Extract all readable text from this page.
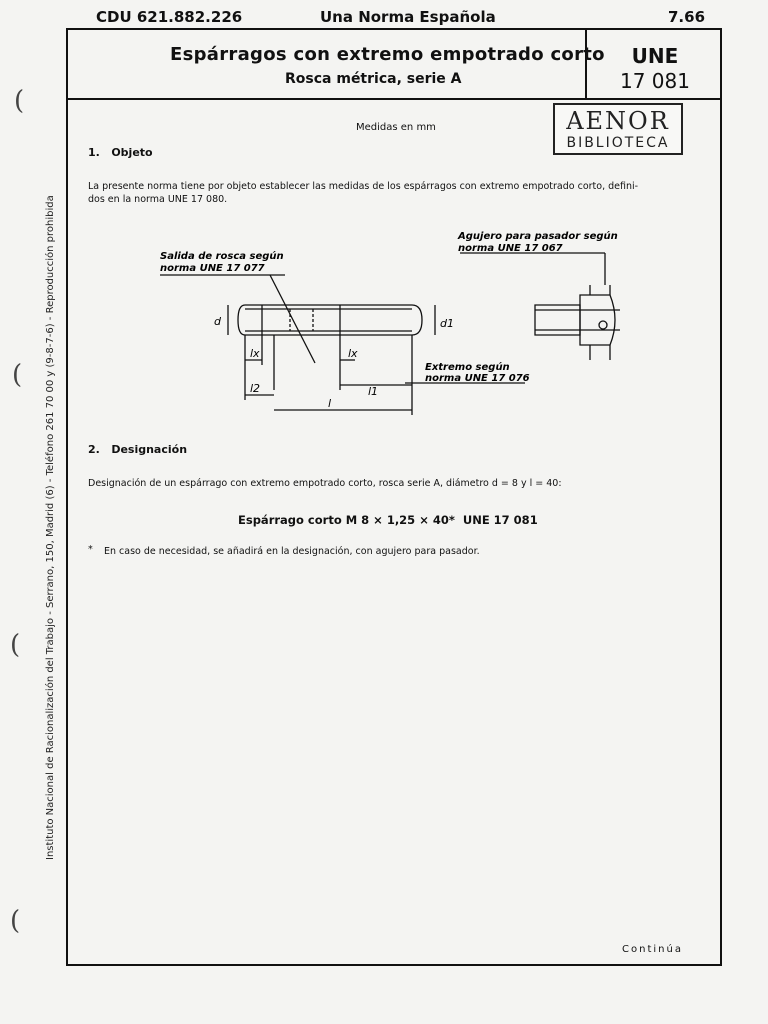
CDU 621.882.226	Una Norma Española	7.66
(
(
(
(
Instituto Nacional de Racionalización del Trabajo - Serrano, 150, Madrid (6) - Teléfono 261 70 00 y (9-8-7-6) - Reproducción prohibida
Espárragos con extremo empotrado corto
Rosca métrica, serie A
UNE
17 081
AENOR
BIBLIOTECA
Medidas en mm
1.   Objeto
La presente norma tiene por objeto establecer las medidas de los espárragos con extremo empotrado corto, defini-
dos en la norma UNE 17 080.
d	d1
lx	lx
l2	l1
l
Salida de rosca según
norma UNE 17 077
Agujero para pasador según
norma UNE 17 067
Extremo según
norma UNE 17 076
2.   Designación
Designación de un espárrago con extremo empotrado corto, rosca serie A, diámetro d = 8 y l = 40:
Espárrago corto M 8 × 1,25 × 40*  UNE 17 081
* En caso de necesidad, se añadirá en la designación, con agujero para pasador.
Continúa
